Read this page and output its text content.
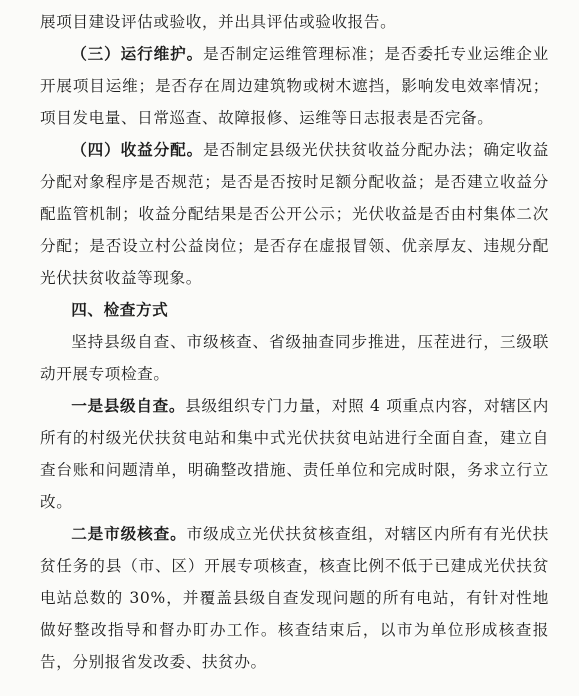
展项目建设评估或验收，并出具评估或验收报告。

（三）运行维护。是否制定运维管理标准；是否委托专业运维企业开展项目运维；是否存在周边建筑物或树木遮挡，影响发电效率情况；项目发电量、日常巡查、故障报修、运维等日志报表是否完备。

（四）收益分配。是否制定县级光伏扶贫收益分配办法；确定收益分配对象程序是否规范；是否是否按时足额分配收益；是否建立收益分配监管机制；收益分配结果是否公开公示；光伏收益是否由村集体二次分配；是否设立村公益岗位；是否存在虚报冒领、优亲厚友、违规分配光伏扶贫收益等现象。

四、检查方式

坚持县级自查、市级核查、省级抽查同步推进，压茬进行，三级联动开展专项检查。

一是县级自查。县级组织专门力量，对照 4 项重点内容，对辖区内所有的村级光伏扶贫电站和集中式光伏扶贫电站进行全面自查，建立自查台账和问题清单，明确整改措施、责任单位和完成时限，务求立行立改。

二是市级核查。市级成立光伏扶贫核查组，对辖区内所有有光伏扶贫任务的县（市、区）开展专项核查，核查比例不低于已建成光伏扶贫电站总数的 30%，并覆盖县级自查发现问题的所有电站，有针对性地做好整改指导和督办盯办工作。核查结束后，以市为单位形成核查报告，分别报省发改委、扶贫办。
